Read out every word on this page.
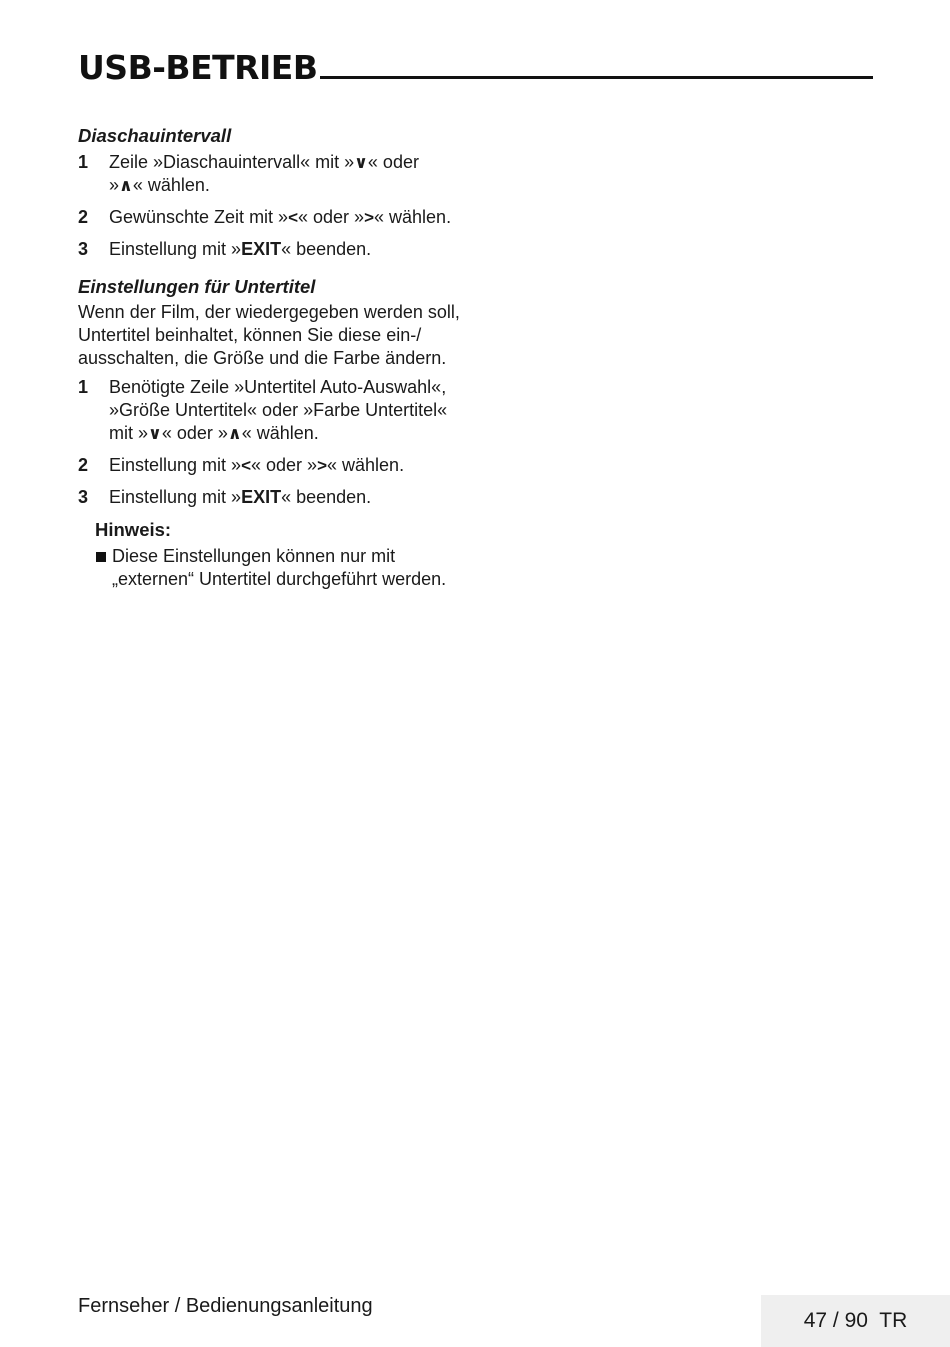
USB-BETRIEB
Diaschauintervall
1 Zeile »Diaschauintervall« mit »∨« oder
»∧« wählen.

2 Gewünschte Zeit mit »<« oder »>« wählen.

3 Einstellung mit »EXIT« beenden.

Einstellungen für Untertitel

Wenn der Film, der wiedergegeben werden soll, Untertitel beinhaltet, können Sie diese ein-/ ausschalten, die Größe und die Farbe ändern.

1 Benötigte Zeile »Untertitel Auto-Auswahl«,
»Größe Untertitel« oder »Farbe Untertitel«
mit »∨« oder »∧« wählen.

2 Einstellung mit »<« oder »>« wählen.

3 Einstellung mit »EXIT« beenden.

Hinweis:

Diese Einstellungen können nur mit
„externen“ Untertitel durchgeführt werden.

Fernseher / Bedienungsanleitung
47 / 90  TR
